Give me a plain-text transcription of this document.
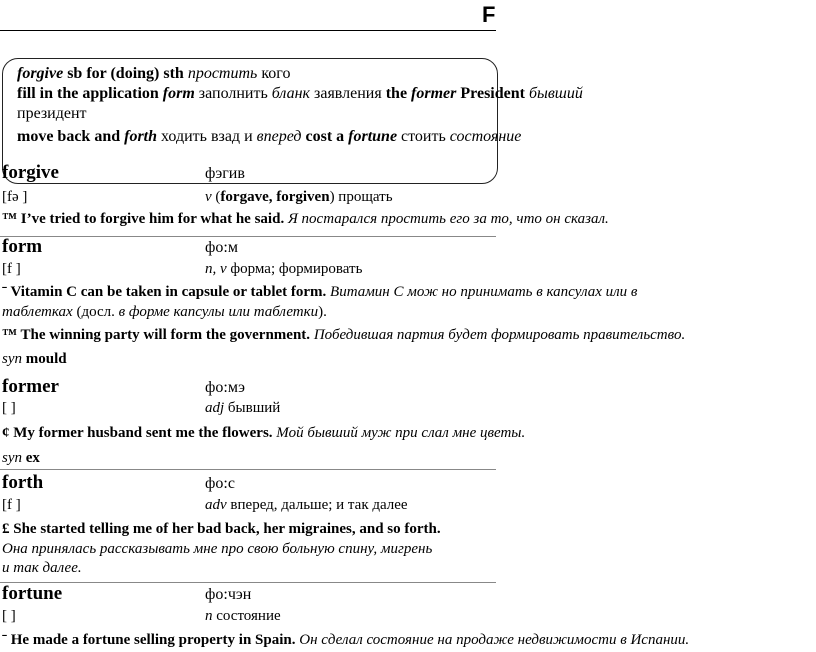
F
forgive sb for (doing) sth простить кого
fill in the application form заполнить бланк заявления the former President бывший
президент
move back and forth ходить взад и вперед cost a fortune стоить состояние
forgive	фэгив
[fə ]	v (forgave, forgiven) прощать
™ I’ve tried to forgive him for what he said. Я постарался простить его за то, что он сказал.
form	фо:м
[f ]	n, v форма; формировать
ˉ Vitamin C can be taken in capsule or tablet form. Витамин С мож но принимать в капсулах или в
таблетках (досл. в форме капсулы или таблетки).
™ The winning party will form the government. Победившая партия будет формировать правительство.
syn mould
former	фо:мэ
[ ]	adj бывший
¢ My former husband sent me the flowers. Мой бывший муж при слал мне цветы.
syn ex
forth	фо:с
[f ]	adv вперед, дальше; и так далее
£ She started telling me of her bad back, her migraines, and so forth.
Она принялась рассказывать мне про свою больную спину, мигрень
и так далее.
fortune	фо:чэн
[ ]	n состояние
ˉ He made a fortune selling property in Spain. Он сделал состояние на продаже недвижимости в Испании.
